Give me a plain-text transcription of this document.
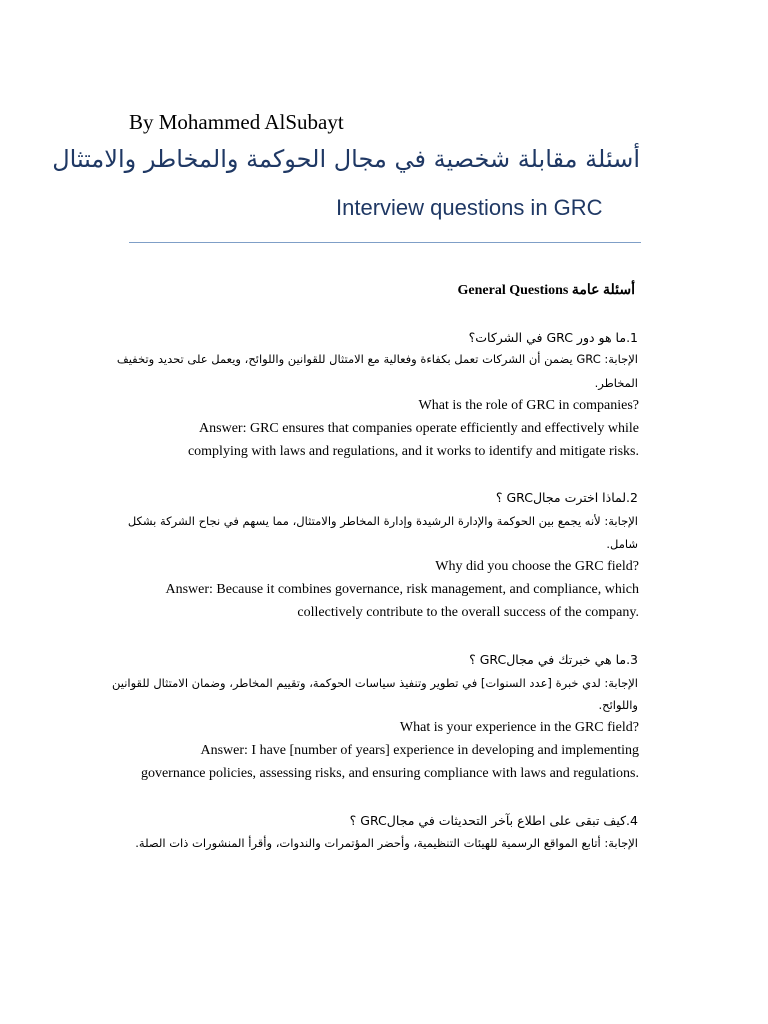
By Mohammed AlSubayt
أسئلة مقابلة شخصية في مجال الحوكمة والمخاطر والامتثال
Interview questions in GRC
أسئلة عامة General Questions
1.ما هو دور GRC في الشركات؟
الإجابة: GRC يضمن أن الشركات تعمل بكفاءة وفعالية مع الامتثال للقوانين واللوائح، ويعمل على تحديد وتخفيف
المخاطر.
What is the role of GRC in companies?
Answer: GRC ensures that companies operate efficiently and effectively while
complying with laws and regulations, and it works to identify and mitigate risks.
2.لماذا اخترت مجالGRC ؟
الإجابة: لأنه يجمع بين الحوكمة والإدارة الرشيدة وإدارة المخاطر والامتثال، مما يسهم في نجاح الشركة بشكل
شامل.
Why did you choose the GRC field?
Answer: Because it combines governance, risk management, and compliance, which
collectively contribute to the overall success of the company.
3.ما هي خبرتك في مجالGRC ؟
الإجابة: لدي خبرة [عدد السنوات] في تطوير وتنفيذ سياسات الحوكمة، وتقييم المخاطر، وضمان الامتثال للقوانين
واللوائح.
What is your experience in the GRC field?
Answer: I have [number of years] experience in developing and implementing
governance policies, assessing risks, and ensuring compliance with laws and regulations.
4.كيف تبقى على اطلاع بآخر التحديثات في مجالGRC ؟
الإجابة: أتابع المواقع الرسمية للهيئات التنظيمية، وأحضر المؤتمرات والندوات، وأقرأ المنشورات ذات الصلة.
